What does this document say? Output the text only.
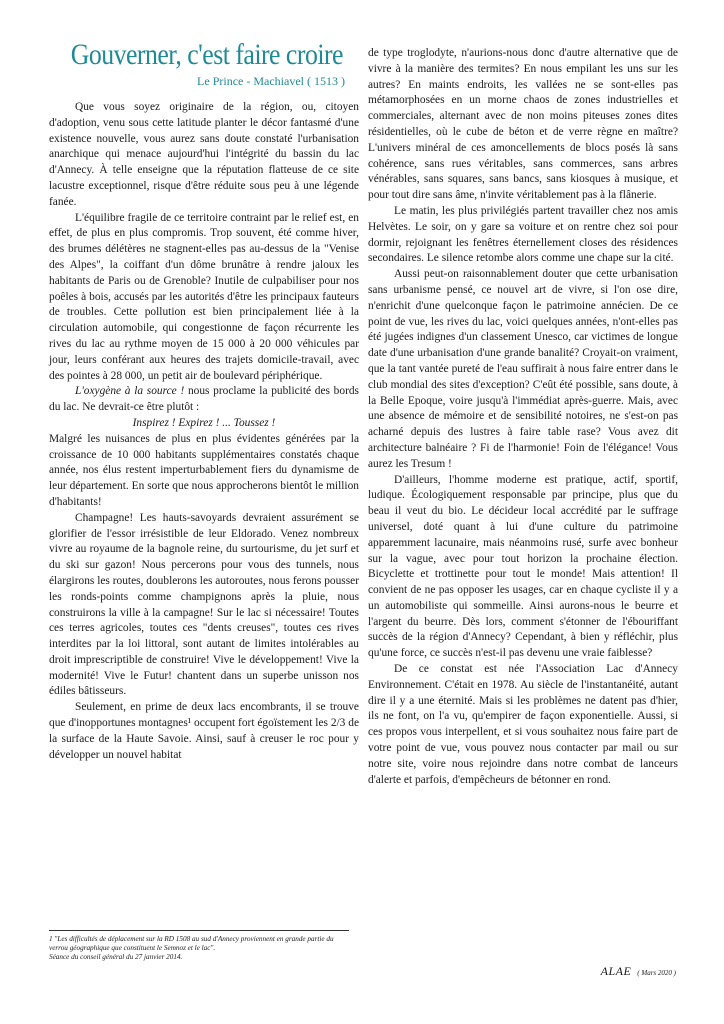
Gouverner, c'est faire croire
Le Prince - Machiavel ( 1513 )

Que vous soyez originaire de la région, ou, citoyen d'adoption, venu sous cette latitude planter le décor fantasmé d'une existence nouvelle, vous aurez sans doute constaté l'urbanisation anarchique qui menace aujourd'hui l'intégrité du bassin du lac d'Annecy. À telle enseigne que la réputation flatteuse de ce site lacustre exceptionnel, risque d'être réduite sous peu à une légende fanée.

L'équilibre fragile de ce territoire contraint par le relief est, en effet, de plus en plus compromis. Trop souvent, été comme hiver, des brumes délétères ne stagnent-elles pas au-dessus de la "Venise des Alpes", la coiffant d'un dôme brunâtre à rendre jaloux les habitants de Paris ou de Grenoble? Inutile de culpabiliser pour nos poêles à bois, accusés par les autorités d'être les principaux fauteurs de troubles. Cette pollution est bien principalement liée à la circulation automobile, qui congestionne de façon récurrente les rives du lac au rythme moyen de 15 000 à 20 000 véhicules par jour, leurs conférant aux heures des trajets domicile-travail, avec des pointes à 28 000, un petit air de boulevard périphérique.

L'oxygène à la source ! nous proclame la publicité des bords du lac. Ne devrait-ce être plutôt :

Inspirez ! Expirez ! ... Toussez !

Malgré les nuisances de plus en plus évidentes générées par la croissance de 10 000 habitants supplémentaires constatés chaque année, nos élus restent imperturbablement fiers du dynamisme de leur département. En sorte que nous approcherons bientôt le million d'habitants!

Champagne! Les hauts-savoyards devraient assurément se glorifier de l'essor irrésistible de leur Eldorado. Venez nombreux vivre au royaume de la bagnole reine, du surtourisme, du jet surf et du ski sur gazon! Nous percerons pour vous des tunnels, nous élargirons les routes, doublerons les autoroutes, nous ferons pousser les ronds-points comme champignons après la pluie, nous construirons la ville à la campagne! Sur le lac si nécessaire! Toutes ces terres agricoles, toutes ces "dents creuses", toutes ces rives interdites par la loi littoral, sont autant de limites intolérables au droit imprescriptible de construire! Vive le développement! Vive la modernité! Vive le Futur! chantent dans un superbe unisson nos édiles bâtisseurs.

Seulement, en prime de deux lacs encombrants, il se trouve que d'inopportunes montagnes¹ occupent fort égoïstement les 2/3 de la surface de la Haute Savoie. Ainsi, sauf à creuser le roc pour y développer un nouvel habitat

de type troglodyte, n'aurions-nous donc d'autre alternative que de vivre à la manière des termites? En nous empilant les uns sur les autres? En maints endroits, les vallées ne se sont-elles pas métamorphosées en un morne chaos de zones industrielles et commerciales, alternant avec de non moins piteuses zones dites résidentielles, où le cube de béton et de verre règne en maître? L'univers minéral de ces amoncellements de blocs posés là sans cohérence, sans rues véritables, sans commerces, sans arbres vénérables, sans squares, sans bancs, sans kiosques à musique, et pour tout dire sans âme, n'invite véritablement pas à la flânerie.

Le matin, les plus privilégiés partent travailler chez nos amis Helvètes. Le soir, on y gare sa voiture et on rentre chez soi pour dormir, rejoignant les fenêtres éternellement closes des résidences secondaires. Le silence retombe alors comme une chape sur la cité.

Aussi peut-on raisonnablement douter que cette urbanisation sans urbanisme pensé, ce nouvel art de vivre, si l'on ose dire, n'enrichit d'une quelconque façon le patrimoine annécien. De ce point de vue, les rives du lac, voici quelques années, n'ont-elles pas été jugées indignes d'un classement Unesco, car victimes de longue date d'une urbanisation d'une grande banalité? Croyait-on vraiment, que la tant vantée pureté de l'eau suffirait à nous faire entrer dans le club mondial des sites d'exception? C'eût été possible, sans doute, à la Belle Epoque, voire jusqu'à l'immédiat après-guerre. Mais, avec une absence de mémoire et de sensibilité notoires, ne s'est-on pas acharné depuis des lustres à faire table rase? Vous avez dit architecture balnéaire ? Fi de l'harmonie! Foin de l'élégance! Vous aurez les Tresum !

D'ailleurs, l'homme moderne est pratique, actif, sportif, ludique. Écologiquement responsable par principe, plus que du beau il veut du bio. Le décideur local accrédité par le suffrage universel, doté quant à lui d'une culture du patrimoine apparemment lacunaire, mais néanmoins rusé, surfe avec bonheur sur la vague, avec pour tout horizon la prochaine élection. Bicyclette et trottinette pour tout le monde! Mais attention! Il convient de ne pas opposer les usages, car en chaque cycliste il y a un automobiliste qui sommeille. Ainsi aurons-nous le beurre et l'argent du beurre. Dès lors, comment s'étonner de l'ébouriffant succès de la région d'Annecy? Cependant, à bien y réfléchir, plus qu'une force, ce succès n'est-il pas devenu une vraie faiblesse?

De ce constat est née l'Association Lac d'Annecy Environnement. C'était en 1978. Au siècle de l'instantanéité, autant dire il y a une éternité. Mais si les problèmes ne datent pas d'hier, ils ne font, on l'a vu, qu'empirer de façon exponentielle. Aussi, si ces propos vous interpellent, et si vous souhaitez nous faire part de votre point de vue, vous pouvez nous contacter par mail ou sur notre site, voire nous rejoindre dans notre combat de lanceurs d'alerte et parfois, d'empêcheurs de bétonner en rond.

1 "Les difficultés de déplacement sur la RD 1508 au sud d'Annecy proviennent en grande partie du verrou géographique que constituent le Semnoz et le lac".
Séance du conseil général du 27 janvier 2014.
ALAE ( Mars 2020 )
